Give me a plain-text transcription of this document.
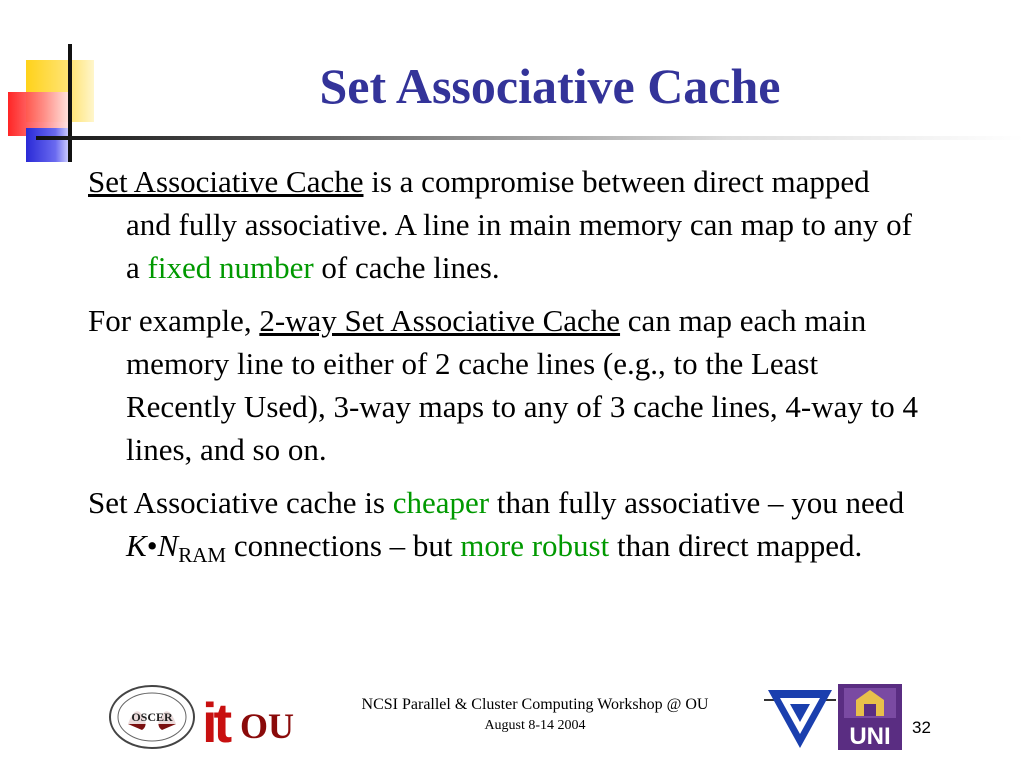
Set Associative Cache

Set Associative Cache is a compromise between direct mapped and fully associative. A line in main memory can map to any of a fixed number of cache lines.

For example, 2-way Set Associative Cache can map each main memory line to either of 2 cache lines (e.g., to the Least Recently Used), 3-way maps to any of 3 cache lines, 4-way to 4 lines, and so on.

Set Associative cache is cheaper than fully associative – you need $K•N_{RAM}$ connections – but more robust than direct mapped.

OSCER it OU
NCSI Parallel & Cluster Computing Workshop @ OU
August 8-14 2004	UNI 32
